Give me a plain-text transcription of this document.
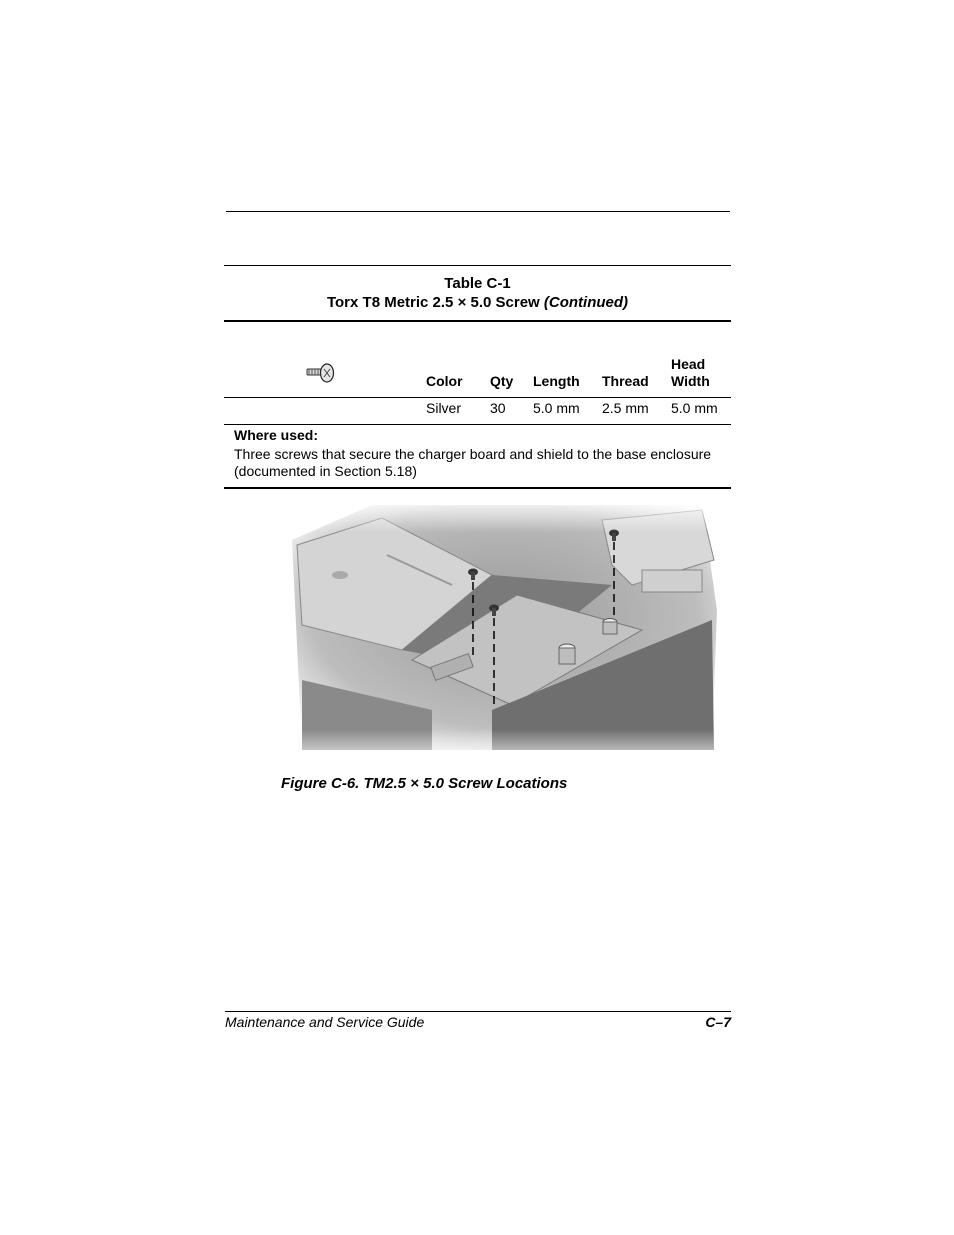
Table C-1
Torx T8 Metric 2.5 × 5.0 Screw (Continued)
Color Qty Length Thread
Head
Width
Silver 30 5.0 mm 2.5 mm 5.0 mm
Where used:
Three screws that secure the charger board and shield to the base enclosure
(documented in Section 5.18)
Figure C-6. TM2.5 × 5.0 Screw Locations
Maintenance and Service Guide	C–7
